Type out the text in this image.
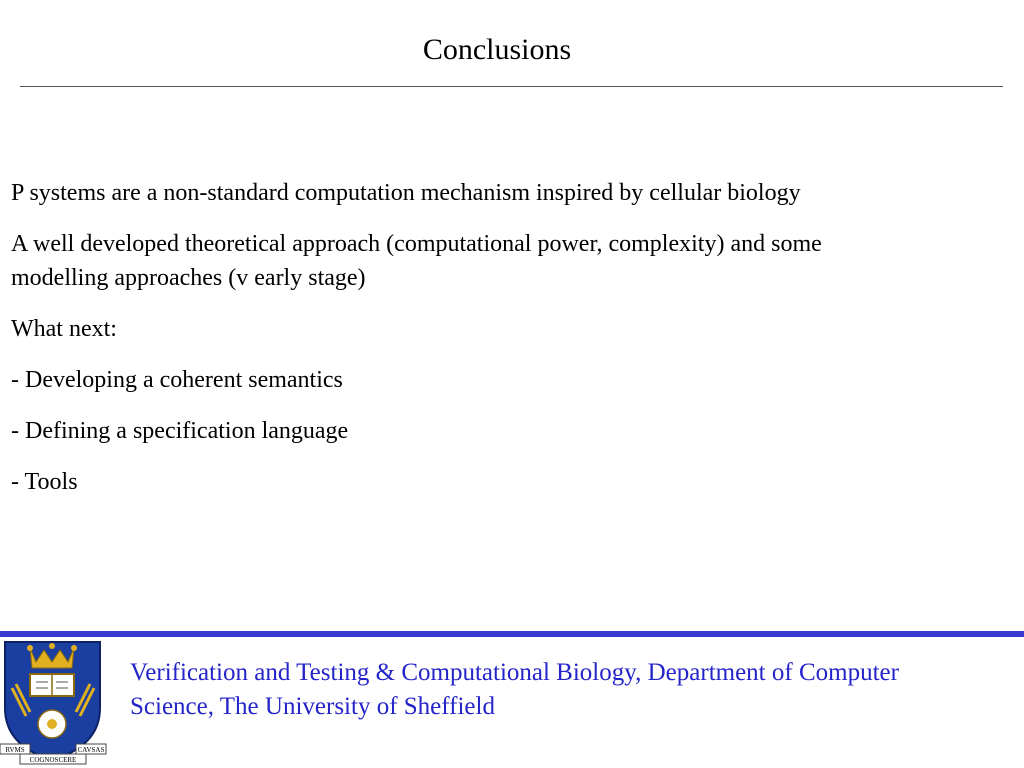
Conclusions

P systems are a non-standard computation mechanism inspired by cellular biology

A well developed theoretical approach (computational power, complexity) and some modelling approaches (v early stage)

What next:

- Developing a coherent semantics

- Defining a specification language

- Tools

RVMS	CAVSAS
COGNOSCERE
Verification and Testing & Computational Biology, Department of Computer Science, The University of Sheffield
